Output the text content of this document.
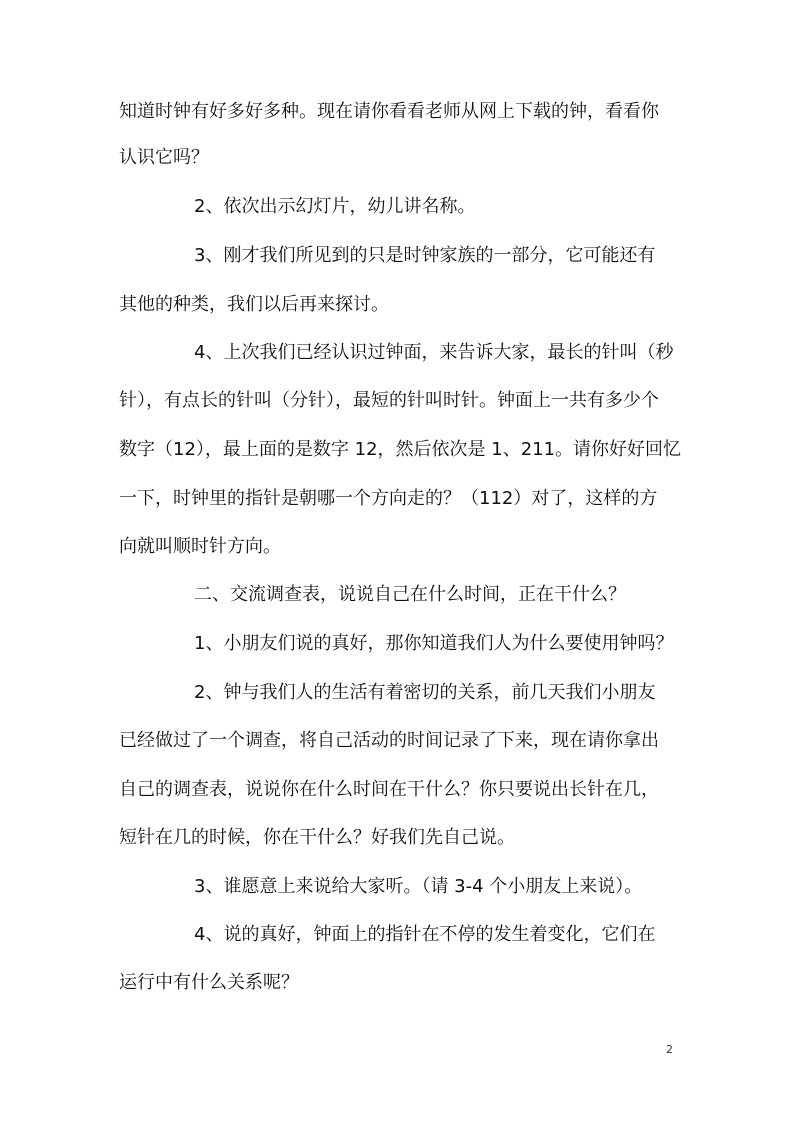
知道时钟有好多好多种。现在请你看看老师从网上下载的钟，看看你
认识它吗？
2、依次出示幻灯片，幼儿讲名称。
3、刚才我们所见到的只是时钟家族的一部分，它可能还有
其他的种类，我们以后再来探讨。
4、上次我们已经认识过钟面，来告诉大家，最长的针叫（秒
针），有点长的针叫（分针），最短的针叫时针。钟面上一共有多少个
数字（12），最上面的是数字 12，然后依次是 1、211。请你好好回忆
一下，时钟里的指针是朝哪一个方向走的？（112）对了，这样的方
向就叫顺时针方向。
二、交流调查表，说说自己在什么时间，正在干什么？
1、小朋友们说的真好，那你知道我们人为什么要使用钟吗？
2、钟与我们人的生活有着密切的关系，前几天我们小朋友
已经做过了一个调查，将自己活动的时间记录了下来，现在请你拿出
自己的调查表，说说你在什么时间在干什么？你只要说出长针在几，
短针在几的时候，你在干什么？好我们先自己说。
3、谁愿意上来说给大家听。（请 3-4 个小朋友上来说）。
4、说的真好，钟面上的指针在不停的发生着变化，它们在
运行中有什么关系呢？
2
